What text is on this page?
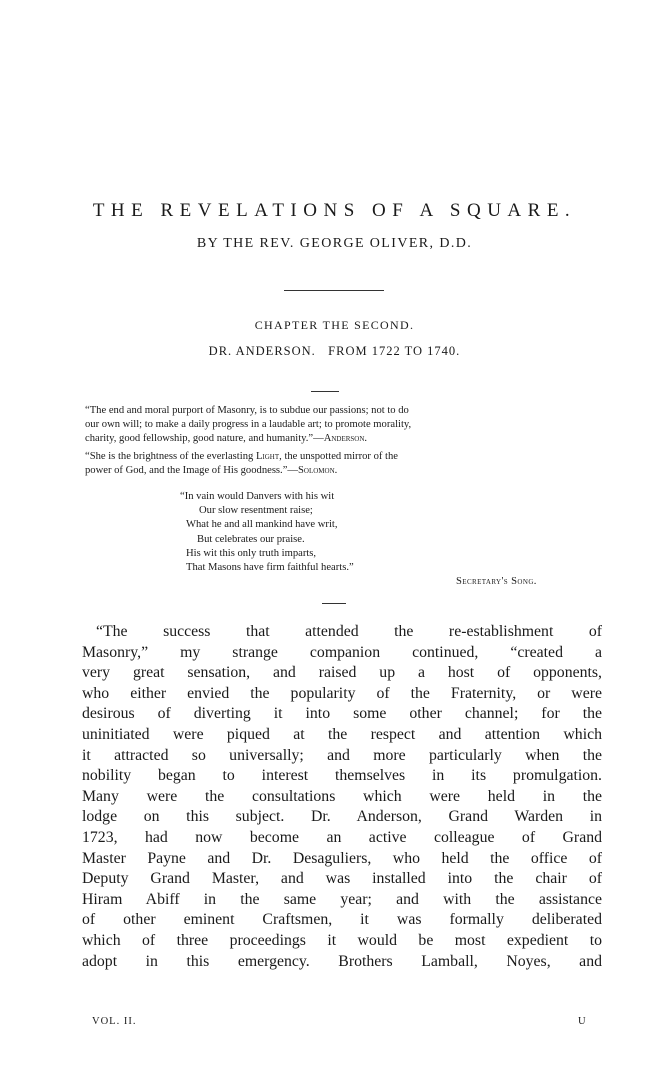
THE REVELATIONS OF A SQUARE.
BY THE REV. GEORGE OLIVER, D.D.
CHAPTER THE SECOND.
DR. ANDERSON.   FROM 1722 TO 1740.
“The end and moral purport of Masonry, is to subdue our passions; not to do
our own will; to make a daily progress in a laudable art; to promote morality,
charity, good fellowship, good nature, and humanity.”—Anderson.
“She is the brightness of the everlasting Light, the unspotted mirror of the
power of God, and the Image of His goodness.”—Solomon.
“In vain would Danvers with his wit
Our slow resentment raise;
What he and all mankind have writ,
But celebrates our praise.
His wit this only truth imparts,
That Masons have firm faithful hearts.”
Secretary's Song.
“The success that attended the re-establishment of
Masonry,” my strange companion continued, “created a
very great sensation, and raised up a host of opponents,
who either envied the popularity of the Fraternity, or were
desirous of diverting it into some other channel; for the
uninitiated were piqued at the respect and attention which
it attracted so universally; and more particularly when the
nobility began to interest themselves in its promulgation.
Many were the consultations which were held in the
lodge on this subject. Dr. Anderson, Grand Warden in
1723, had now become an active colleague of Grand
Master Payne and Dr. Desaguliers, who held the office of
Deputy Grand Master, and was installed into the chair of
Hiram Abiff in the same year; and with the assistance
of other eminent Craftsmen, it was formally deliberated
which of three proceedings it would be most expedient to
adopt in this emergency. Brothers Lamball, Noyes, and
VOL. II.	U
